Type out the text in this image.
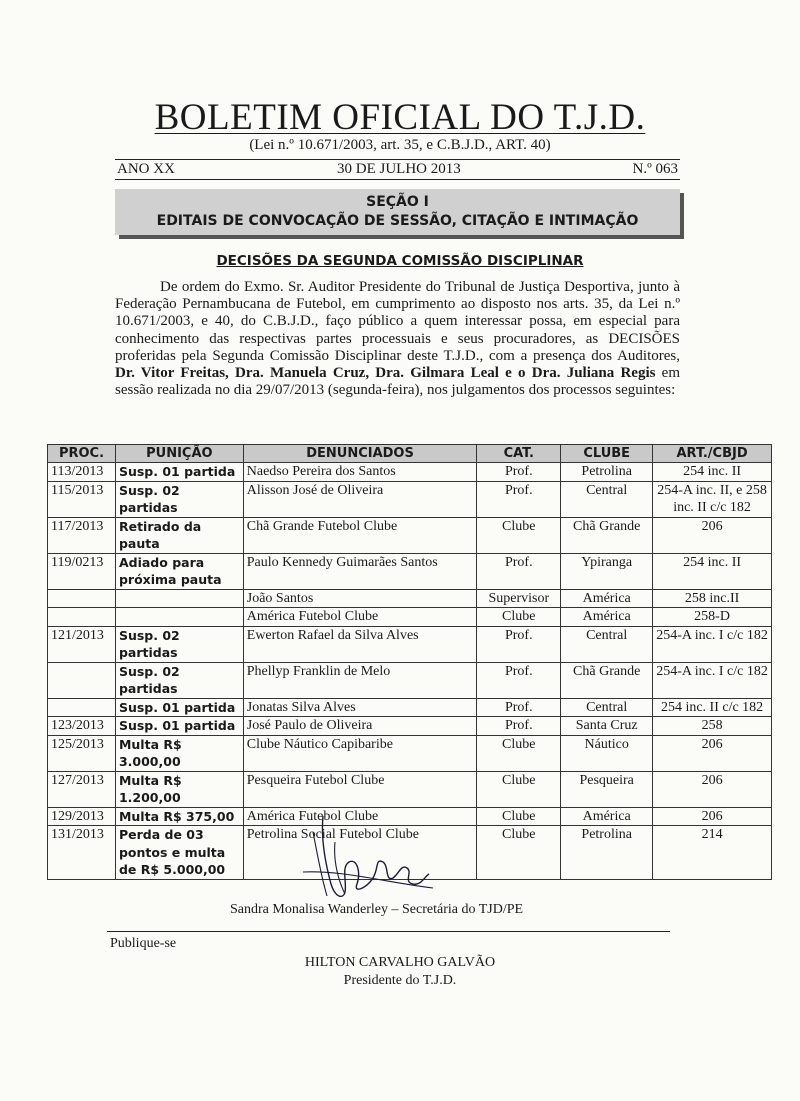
BOLETIM OFICIAL DO T.J.D.
(Lei n.º 10.671/2003, art. 35, e C.B.J.D., ART. 40)
ANO XX	30 DE JULHO 2013	N.º 063
SEÇÃO I
EDITAIS DE CONVOCAÇÃO DE SESSÃO, CITAÇÃO E INTIMAÇÃO
DECISÕES DA SEGUNDA COMISSÃO DISCIPLINAR

De ordem do Exmo. Sr. Auditor Presidente do Tribunal de Justiça Desportiva, junto à Federação Pernambucana de Futebol, em cumprimento ao disposto nos arts. 35, da Lei n.º 10.671/2003, e 40, do C.B.J.D., faço público a quem interessar possa, em especial para conhecimento das respectivas partes processuais e seus procuradores, as DECISÕES proferidas pela Segunda Comissão Disciplinar deste T.J.D., com a presença dos Auditores, Dr. Vitor Freitas, Dra. Manuela Cruz, Dra. Gilmara Leal e o Dra. Juliana Regis em sessão realizada no dia 29/07/2013 (segunda-feira), nos julgamentos dos processos seguintes:

PROC.	PUNIÇÃO	DENUNCIADOS	CAT.	CLUBE	ART./CBJD
113/2013	Susp. 01 partida	Naedso Pereira dos Santos	Prof.	Petrolina	254 inc. II
115/2013	Susp. 02 partidas	Alisson José de Oliveira	Prof.	Central	254-A inc. II, e 258 inc. II c/c 182
117/2013	Retirado da pauta	Chã Grande Futebol Clube	Clube	Chã Grande	206
119/0213	Adiado para próxima pauta	Paulo Kennedy Guimarães Santos	Prof.	Ypiranga	254 inc. II
		João Santos	Supervisor	América	258 inc.II
		América Futebol Clube	Clube	América	258-D
121/2013	Susp. 02 partidas	Ewerton Rafael da Silva Alves	Prof.	Central	254-A inc. I c/c 182
	Susp. 02 partidas	Phellyp Franklin de Melo	Prof.	Chã Grande	254-A inc. I c/c 182
	Susp. 01 partida	Jonatas Silva Alves	Prof.	Central	254 inc. II c/c 182
123/2013	Susp. 01 partida	José Paulo de Oliveira	Prof.	Santa Cruz	258
125/2013	Multa R$ 3.000,00	Clube Náutico Capibaribe	Clube	Náutico	206
127/2013	Multa R$ 1.200,00	Pesqueira Futebol Clube	Clube	Pesqueira	206
129/2013	Multa R$ 375,00	América Futebol Clube	Clube	América	206
131/2013	Perda de 03 pontos e multa de R$ 5.000,00	Petrolina Social Futebol Clube	Clube	Petrolina	214
Sandra Monalisa Wanderley – Secretária do TJD/PE
Publique-se
HILTON CARVALHO GALVÃO
Presidente do T.J.D.
